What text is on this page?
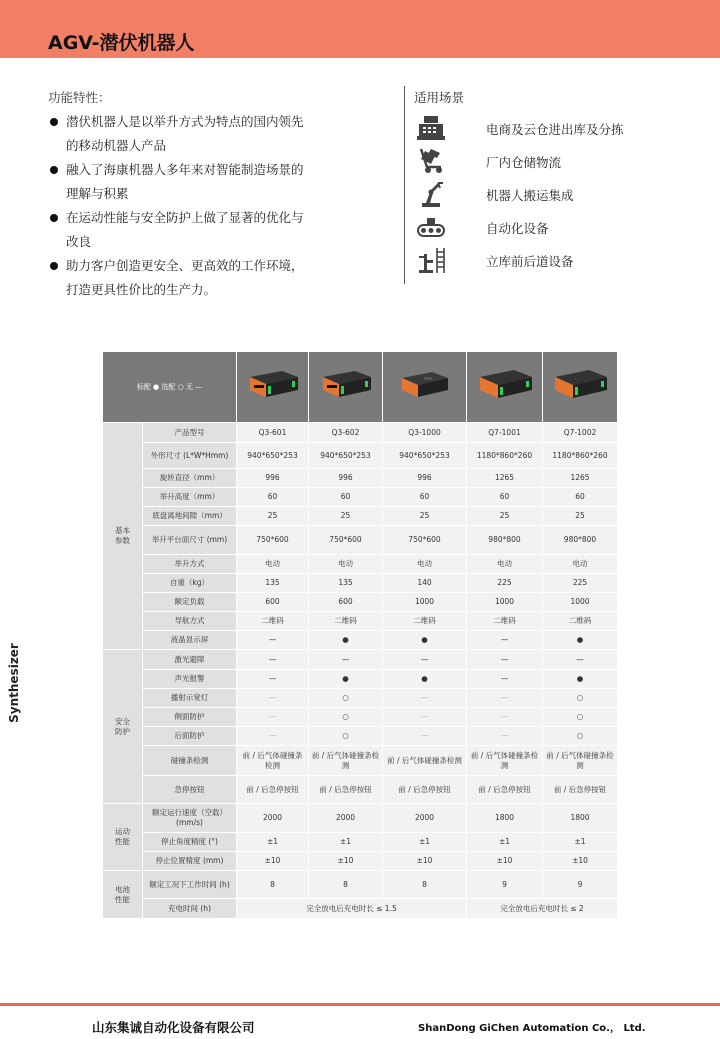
AGV-潜伏机器人
功能特性：
潜伏机器人是以举升方式为特点的国内领先的移动机器人产品
融入了海康机器人多年来对智能制造场景的理解与积累
在运动性能与安全防护上做了显著的优化与改良
助力客户创造更安全、更高效的工作环境，打造更具性价比的生产力。
适用场景
电商及云仓进出库及分拣
厂内仓储物流
机器人搬运集成
自动化设备
立库前后道设备
Synthesizer
标配 ● 选配 ○ 无 —	

基本参数	产品型号	Q3-601	Q3-602	Q3-1000	Q7-1001	Q7-1002
	外形尺寸 (L*W*Hmm)	940*650*253	940*650*253	940*650*253	1180*860*260	1180*860*260
	旋转直径（mm）	996	996	996	1265	1265
	举升高度（mm）	60	60	60	60	60
	底盘离地间隙（mm）	25	25	25	25	25
	举升平台面尺寸 (mm)	750*600	750*600	750*600	980*800	980*800
	举升方式	电动	电动	电动	电动	电动
	自重（kg）	135	135	140	225	225
	额定负载	600	600	1000	1000	1000
	导航方式	二维码	二维码	二维码	二维码	二维码
	液晶显示屏	—	●	●	—	●

安全防护	激光避障	—	—	—	—	—
	声光报警	—	●	●	—	●
	播射示宽灯	—	○	—	—	○
	侧面防护	—	○	—	—	○
	后面防护	—	○	—	—	○
	碰撞条检测	前 / 后气体碰撞条检测	前 / 后气体碰撞条检测	前 / 后气体碰撞条检测	前 / 后气体碰撞条检测	前 / 后气体碰撞条检测
	急停按钮	前 / 后急停按钮	前 / 后急停按钮	前 / 后急停按钮	前 / 后急停按钮	前 / 后急停按钮

运动性能	额定运行速度（空载）(mm/s)	2000	2000	2000	1800	1800
	停止角度精度 (°)	±1	±1	±1	±1	±1
	停止位置精度 (mm)	±10	±10	±10	±10	±10

电池性能	额定工况下工作时间 (h)	8	8	8	9	9
	充电时间 (h)	完全放电后充电时长 ≤ 1.5			完全放电后充电时长 ≤ 2	
山东集诚自动化设备有限公司	ShanDong GiChen Automation Co.， Ltd.
